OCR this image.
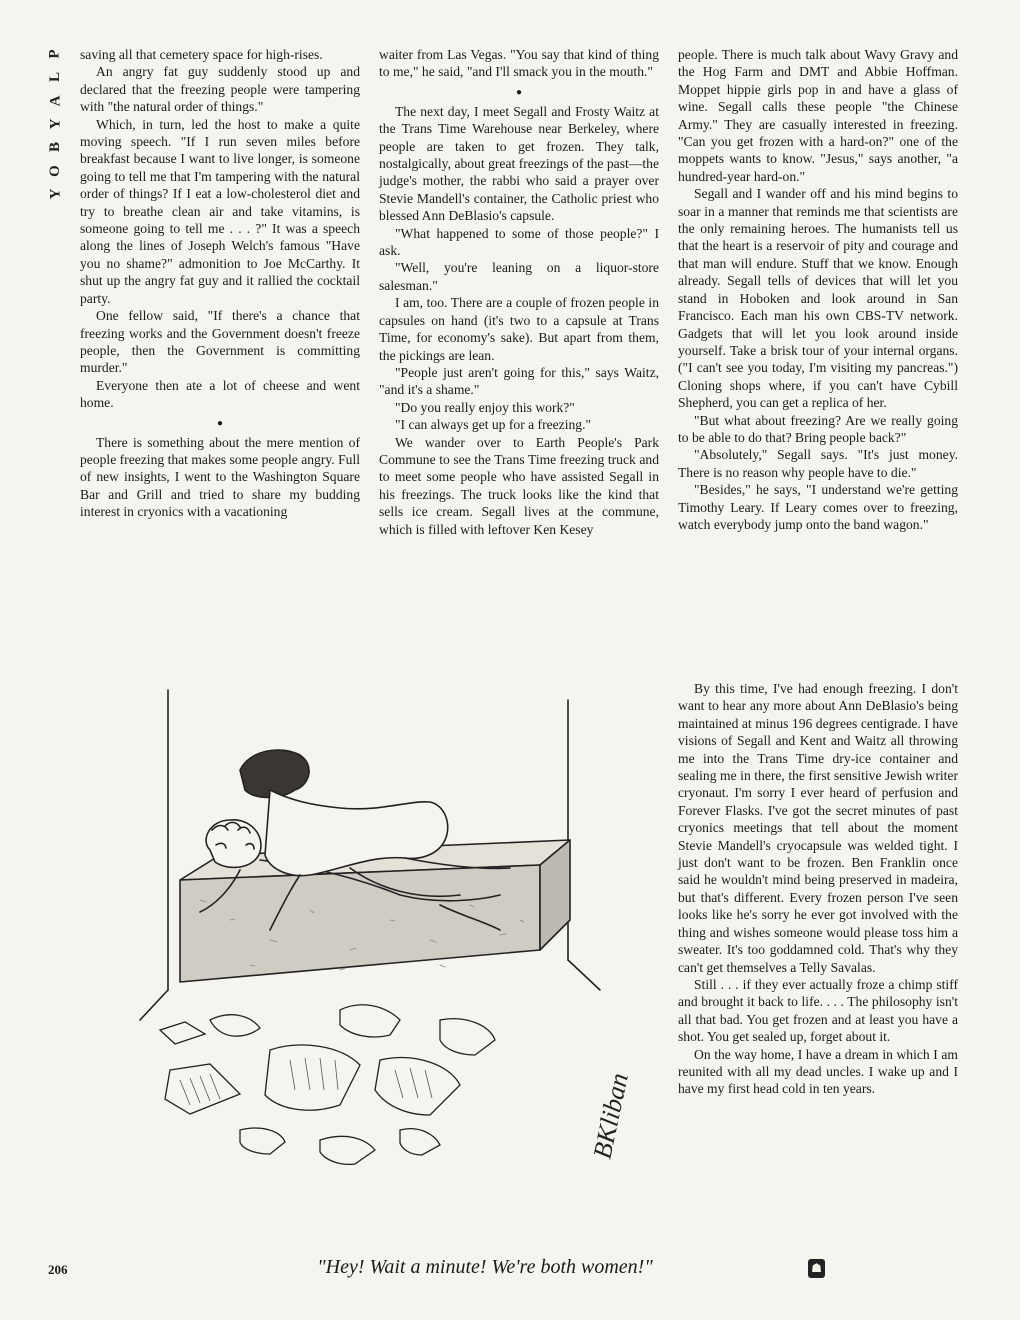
P
L
A
Y
B
O
Y

saving all that cemetery space for high-rises.

An angry fat guy suddenly stood up and declared that the freezing people were tampering with "the natural order of things."

Which, in turn, led the host to make a quite moving speech. "If I run seven miles before breakfast because I want to live longer, is someone going to tell me that I'm tampering with the natural order of things? If I eat a low-cholesterol diet and try to breathe clean air and take vitamins, is someone going to tell me . . . ?" It was a speech along the lines of Joseph Welch's famous "Have you no shame?" admonition to Joe McCarthy. It shut up the angry fat guy and it rallied the cocktail party.

One fellow said, "If there's a chance that freezing works and the Government doesn't freeze people, then the Government is committing murder."

Everyone then ate a lot of cheese and went home.

●

There is something about the mere mention of people freezing that makes some people angry. Full of new insights, I went to the Washington Square Bar and Grill and tried to share my budding interest in cryonics with a vacationing

waiter from Las Vegas. "You say that kind of thing to me," he said, "and I'll smack you in the mouth."

●

The next day, I meet Segall and Frosty Waitz at the Trans Time Warehouse near Berkeley, where people are taken to get frozen. They talk, nostalgically, about great freezings of the past—the judge's mother, the rabbi who said a prayer over Stevie Mandell's container, the Catholic priest who blessed Ann DeBlasio's capsule.

"What happened to some of those people?" I ask.

"Well, you're leaning on a liquor-store salesman."

I am, too. There are a couple of frozen people in capsules on hand (it's two to a capsule at Trans Time, for economy's sake). But apart from them, the pickings are lean.

"People just aren't going for this," says Waitz, "and it's a shame."

"Do you really enjoy this work?"

"I can always get up for a freezing."

We wander over to Earth People's Park Commune to see the Trans Time freezing truck and to meet some people who have assisted Segall in his freezings. The truck looks like the kind that sells ice cream. Segall lives at the commune, which is filled with leftover Ken Kesey

people. There is much talk about Wavy Gravy and the Hog Farm and DMT and Abbie Hoffman. Moppet hippie girls pop in and have a glass of wine. Segall calls these people "the Chinese Army." They are casually interested in freezing. "Can you get frozen with a hard-on?" one of the moppets wants to know. "Jesus," says another, "a hundred-year hard-on."

Segall and I wander off and his mind begins to soar in a manner that reminds me that scientists are the only remaining heroes. The humanists tell us that the heart is a reservoir of pity and courage and that man will endure. Stuff that we know. Enough already. Segall tells of devices that will let you stand in Hoboken and look around in San Francisco. Each man his own CBS-TV network. Gadgets that will let you look around inside yourself. Take a brisk tour of your internal organs. ("I can't see you today, I'm visiting my pancreas.") Cloning shops where, if you can't have Cybill Shepherd, you can get a replica of her.

"But what about freezing? Are we really going to be able to do that? Bring people back?"

"Absolutely," Segall says. "It's just money. There is no reason why people have to die."

"Besides," he says, "I understand we're getting Timothy Leary. If Leary comes over to freezing, watch everybody jump onto the band wagon."

By this time, I've had enough freezing. I don't want to hear any more about Ann DeBlasio's being maintained at minus 196 degrees centigrade. I have visions of Segall and Kent and Waitz all throwing me into the Trans Time dry-ice container and sealing me in there, the first sensitive Jewish writer cryonaut. I'm sorry I ever heard of perfusion and Forever Flasks. I've got the secret minutes of past cryonics meetings that tell about the moment Stevie Mandell's cryocapsule was welded tight. I just don't want to be frozen. Ben Franklin once said he wouldn't mind being preserved in madeira, but that's different. Every frozen person I've seen looks like he's sorry he ever got involved with the thing and wishes someone would please toss him a sweater. It's too goddamned cold. That's why they can't get themselves a Telly Savalas.

Still . . . if they ever actually froze a chimp stiff and brought it back to life. . . . The philosophy isn't all that bad. You get frozen and at least you have a shot. You get sealed up, forget about it.

On the way home, I have a dream in which I am reunited with all my dead uncles. I wake up and I have my first head cold in ten years.

BKliban
"Hey! Wait a minute! We're both women!"
206	☗
